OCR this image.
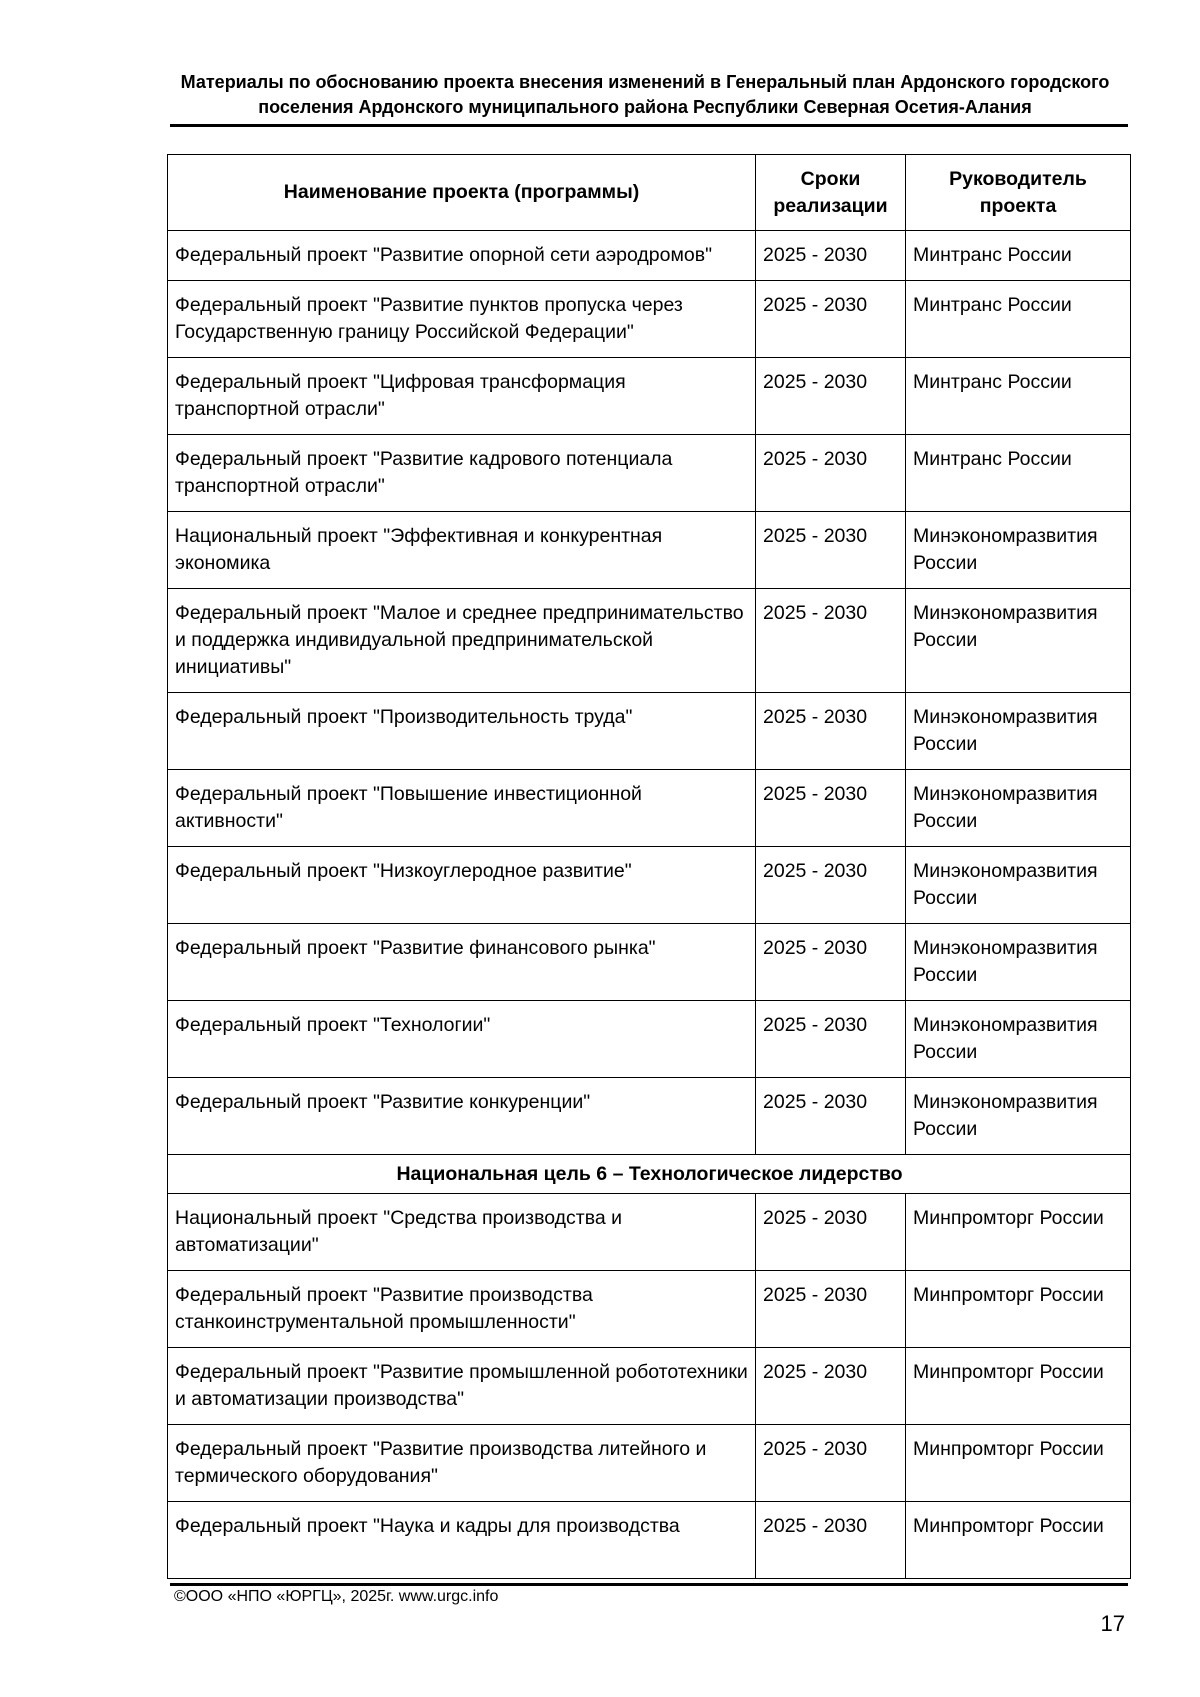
Материалы по обоснованию проекта внесения изменений в Генеральный план Ардонского городского
поселения Ардонского муниципального района Республики Северная Осетия-Алания
Наименование проекта (программы)	Сроки реализации	Руководитель проекта
Федеральный проект "Развитие опорной сети аэродромов"	2025 - 2030	Минтранс России
Федеральный проект "Развитие пунктов пропуска через Государственную границу Российской Федерации"	2025 - 2030	Минтранс России
Федеральный проект "Цифровая трансформация транспортной отрасли"	2025 - 2030	Минтранс России
Федеральный проект "Развитие кадрового потенциала транспортной отрасли"	2025 - 2030	Минтранс России
Национальный проект "Эффективная и конкурентная экономика	2025 - 2030	Минэкономразвития России
Федеральный проект "Малое и среднее предпринимательство и поддержка индивидуальной предпринимательской инициативы"	2025 - 2030	Минэкономразвития России
Федеральный проект "Производительность труда"	2025 - 2030	Минэкономразвития России
Федеральный проект "Повышение инвестиционной активности"	2025 - 2030	Минэкономразвития России
Федеральный проект "Низкоуглеродное развитие"	2025 - 2030	Минэкономразвития России
Федеральный проект "Развитие финансового рынка"	2025 - 2030	Минэкономразвития России
Федеральный проект "Технологии"	2025 - 2030	Минэкономразвития России
Федеральный проект "Развитие конкуренции"	2025 - 2030	Минэкономразвития России
Национальная цель 6 – Технологическое лидерство		
Национальный проект "Средства производства и автоматизации"	2025 - 2030	Минпромторг России
Федеральный проект "Развитие производства станкоинструментальной промышленности"	2025 - 2030	Минпромторг России
Федеральный проект "Развитие промышленной робототехники и автоматизации производства"	2025 - 2030	Минпромторг России
Федеральный проект "Развитие производства литейного и термического оборудования"	2025 - 2030	Минпромторг России
Федеральный проект "Наука и кадры для производства	2025 - 2030	Минпромторг России
©ООО «НПО «ЮРГЦ», 2025г. www.urgc.info
17
